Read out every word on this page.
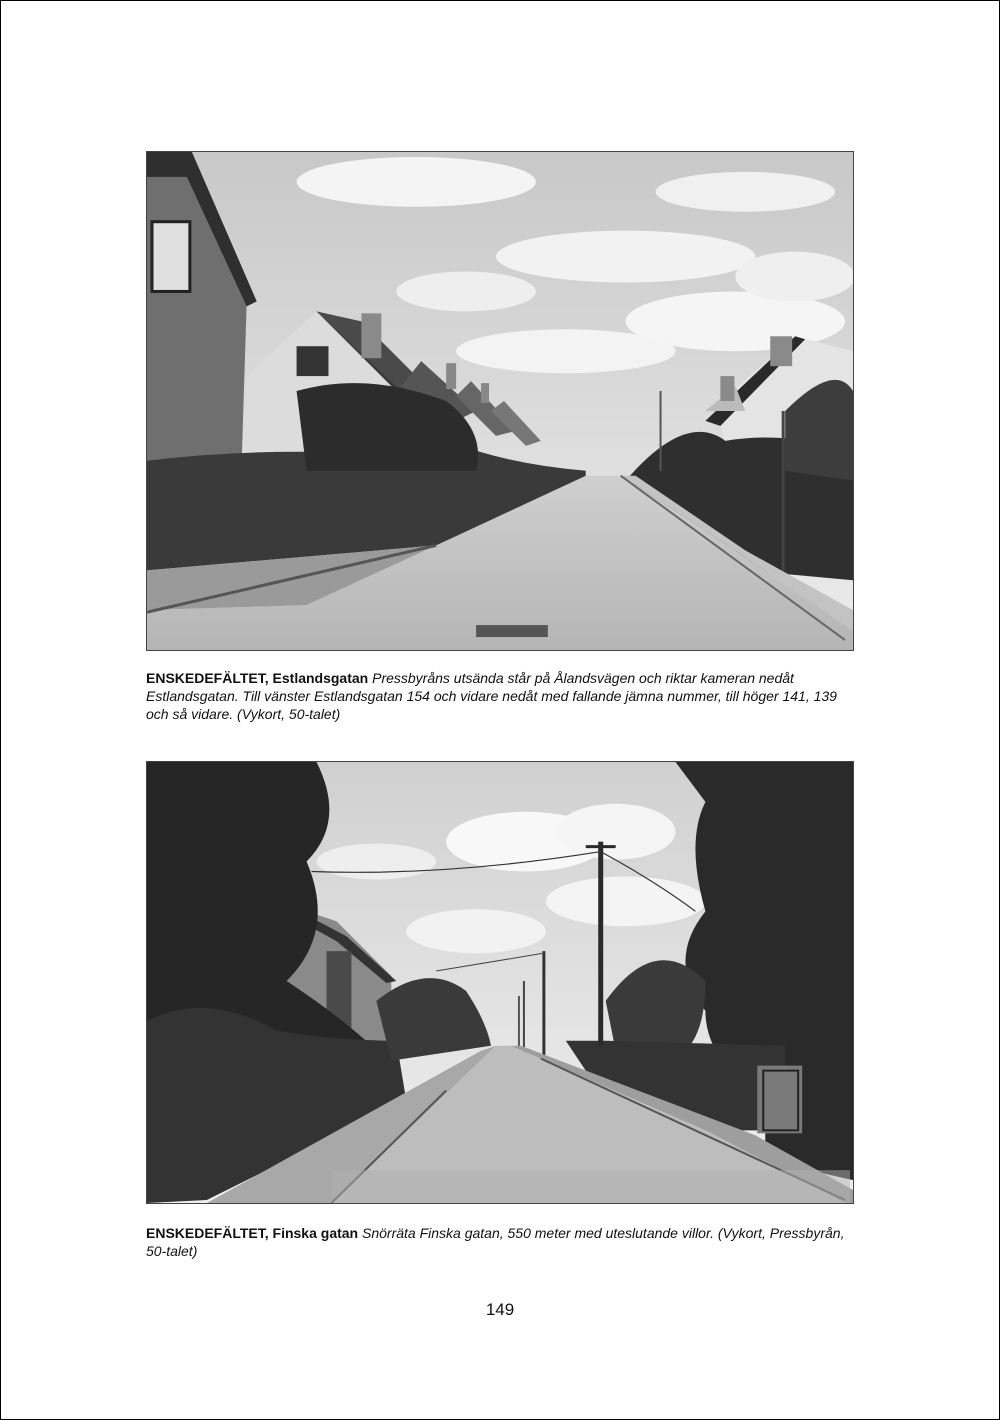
ENSKEDEFÄLTET, Estlandsgatan Pressbyråns utsända står på Ålandsvägen och riktar kameran nedåt Estlandsgatan. Till vänster Estlandsgatan 154 och vidare nedåt med fallande jämna nummer, till höger 141, 139 och så vidare. (Vykort, 50-talet)
ENSKEDEFÄLTET, Finska gatan Snörräta Finska gatan, 550 meter med uteslutande villor. (Vykort, Pressbyrån, 50-talet)
149
